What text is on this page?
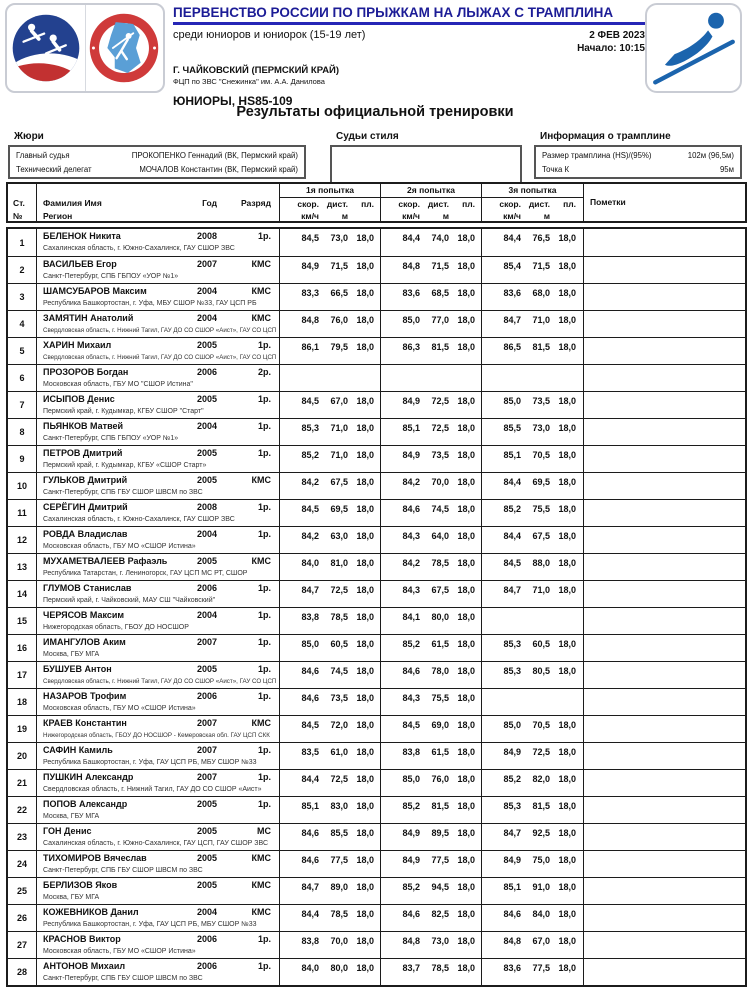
ПЕРВЕНСТВО РОССИИ ПО ПРЫЖКАМ НА ЛЫЖАХ С ТРАМПЛИНА
среди юниоров и юниорок (15-19 лет)	2 ФЕВ 2023
Начало: 10:15
Г. ЧАЙКОВСКИЙ (ПЕРМСКИЙ КРАЙ)
ФЦП по ЗВС "Снежинка" им. А.А. Данилова
ЮНИОРЫ, HS85-109
Результаты официальной тренировки
Жюри
Главный судья	ПРОКОПЕНКО Геннадий (ВК, Пермский край)
Технический делегат	МОЧАЛОВ Константин (ВК, Пермский край)
Судьи стиля	Информация о трамплине
Размер трамплина (HS)/(95%)	102м (96,5м)
Точка К	95м
Ст.
№
Фамилия Имя	Год	Разряд
Регион
1я попытка
скор. дист.	пл.
км/ч	м
2я попытка
скор. дист.	пл.
км/ч	м
3я попытка
скор. дист.	пл.
км/ч	м
Пометки
1
БЕЛЕНОК Никита	2008	1р.
Сахалинская область, г. Южно-Сахалинск, ГАУ СШОР ЗВС
84,5	73,0 18,0	84,4	74,0 18,0	84,4	76,5 18,0
2
ВАСИЛЬЕВ Егор	2007	КМС
Санкт-Петербург, СПБ ГБПОУ «УОР №1»
84,9	71,5 18,0	84,8	71,5 18,0	85,4	71,5 18,0
3
ШАМСУБАРОВ Максим	2004	КМС
Республика Башкортостан, г. Уфа, МБУ СШОР №33, ГАУ ЦСП РБ
83,3	66,5 18,0	83,6	68,5 18,0	83,6	68,0 18,0
4
ЗАМЯТИН Анатолий	2004	КМС
Свердловская область, г. Нижний Тагил, ГАУ ДО СО СШОР «Аист», ГАУ СО ЦСП
84,8	76,0 18,0	85,0	77,0 18,0	84,7	71,0 18,0
5
ХАРИН Михаил	2005	1р.
Свердловская область, г. Нижний Тагил, ГАУ ДО СО СШОР «Аист», ГАУ СО ЦСП
86,1	79,5 18,0	86,3	81,5 18,0	86,5	81,5 18,0
6
ПРОЗОРОВ Богдан	2006	2р.
Московская область, ГБУ МО "СШОР Истина"
7
ИСЫПОВ Денис	2005	1р.
Пермский край, г. Кудымкар, КГБУ СШОР "Старт"
84,5	67,0 18,0	84,9	72,5 18,0	85,0	73,5 18,0
8
ПЬЯНКОВ Матвей	2004	1р.
Санкт-Петербург, СПБ ГБПОУ «УОР №1»
85,3	71,0 18,0	85,1	72,5 18,0	85,5	73,0 18,0
9
ПЕТРОВ Дмитрий	2005	1р.
Пермский край, г. Кудымкар, КГБУ «СШОР Старт»
85,2	71,0 18,0	84,9	73,5 18,0	85,1	70,5 18,0
10
ГУЛЬКОВ Дмитрий	2005	КМС
Санкт-Петербург, СПБ ГБУ СШОР ШВСМ по ЗВС
84,2	67,5 18,0	84,2	70,0 18,0	84,4	69,5 18,0
11
СЕРЁГИН Дмитрий	2008	1р.
Сахалинская область, г. Южно-Сахалинск, ГАУ СШОР ЗВС
84,5	69,5 18,0	84,6	74,5 18,0	85,2	75,5 18,0
12
РОВДА Владислав	2004	1р.
Московская область, ГБУ МО «СШОР Истина»
84,2	63,0 18,0	84,3	64,0 18,0	84,4	67,5 18,0
13
МУХАМЕТВАЛЕЕВ Рафаэль	2005	КМС
Республика Татарстан, г. Лениногорск, ГАУ ЦСП МС РТ, СШОР
84,0	81,0 18,0	84,2	78,5 18,0	84,5	88,0 18,0
14
ГЛУМОВ Станислав	2006	1р.
Пермский край, г. Чайковский, МАУ СШ "Чайковский"
84,7	72,5 18,0	84,3	67,5 18,0	84,7	71,0 18,0
15
ЧЕРЯСОВ Максим	2004	1р.
Нижегородская область, ГБОУ ДО НОСШОР
83,8	78,5 18,0	84,1	80,0 18,0
16
ИМАНГУЛОВ Аким	2007	1р.
Москва, ГБУ МГА
85,0	60,5 18,0	85,2	61,5 18,0	85,3	60,5 18,0
17
БУШУЕВ Антон	2005	1р.
Свердловская область, г. Нижний Тагил, ГАУ ДО СО СШОР «Аист», ГАУ СО ЦСП
84,6	74,5 18,0	84,6	78,0 18,0	85,3	80,5 18,0
18
НАЗАРОВ Трофим	2006	1р.
Московская область, ГБУ МО «СШОР Истина»
84,6	73,5 18,0	84,3	75,5 18,0
19
КРАЕВ Константин	2007	КМС
Нижегородская область, ГБОУ ДО НОСШОР - Кемеровская обл. ГАУ ЦСП СКК
84,5	72,0 18,0	84,5	69,0 18,0	85,0	70,5 18,0
20
САФИН Камиль	2007	1р.
Республика Башкортостан, г. Уфа, ГАУ ЦСП РБ, МБУ СШОР №33
83,5	61,0 18,0	83,8	61,5 18,0	84,9	72,5 18,0
21
ПУШКИН Александр	2007	1р.
Свердловская область, г. Нижний Тагил, ГАУ ДО СО СШОР «Аист»
84,4	72,5 18,0	85,0	76,0 18,0	85,2	82,0 18,0
22
ПОПОВ Александр	2005	1р.
Москва, ГБУ МГА
85,1	83,0 18,0	85,2	81,5 18,0	85,3	81,5 18,0
23
ГОН Денис	2005	МС
Сахалинская область, г. Южно-Сахалинск, ГАУ ЦСП, ГАУ СШОР ЗВС
84,6	85,5 18,0	84,9	89,5 18,0	84,7	92,5 18,0
24
ТИХОМИРОВ Вячеслав	2005	КМС
Санкт-Петербург, СПБ ГБУ СШОР ШВСМ по ЗВС
84,6	77,5 18,0	84,9	77,5 18,0	84,9	75,0 18,0
25
БЕРЛИЗОВ Яков	2005	КМС
Москва, ГБУ МГА
84,7	89,0 18,0	85,2	94,5 18,0	85,1	91,0 18,0
26
КОЖЕВНИКОВ Данил	2004	КМС
Республика Башкортостан, г. Уфа, ГАУ ЦСП РБ, МБУ СШОР №33
84,4	78,5 18,0	84,6	82,5 18,0	84,6	84,0 18,0
27
КРАСНОВ Виктор	2006	1р.
Московская область, ГБУ МО «СШОР Истина»
83,8	70,0 18,0	84,8	73,0 18,0	84,8	67,0 18,0
28
АНТОНОВ Михаил	2006	1р.
Санкт-Петербург, СПБ ГБУ СШОР ШВСМ по ЗВС
84,0	80,0 18,0	83,7	78,5 18,0	83,6	77,5 18,0
